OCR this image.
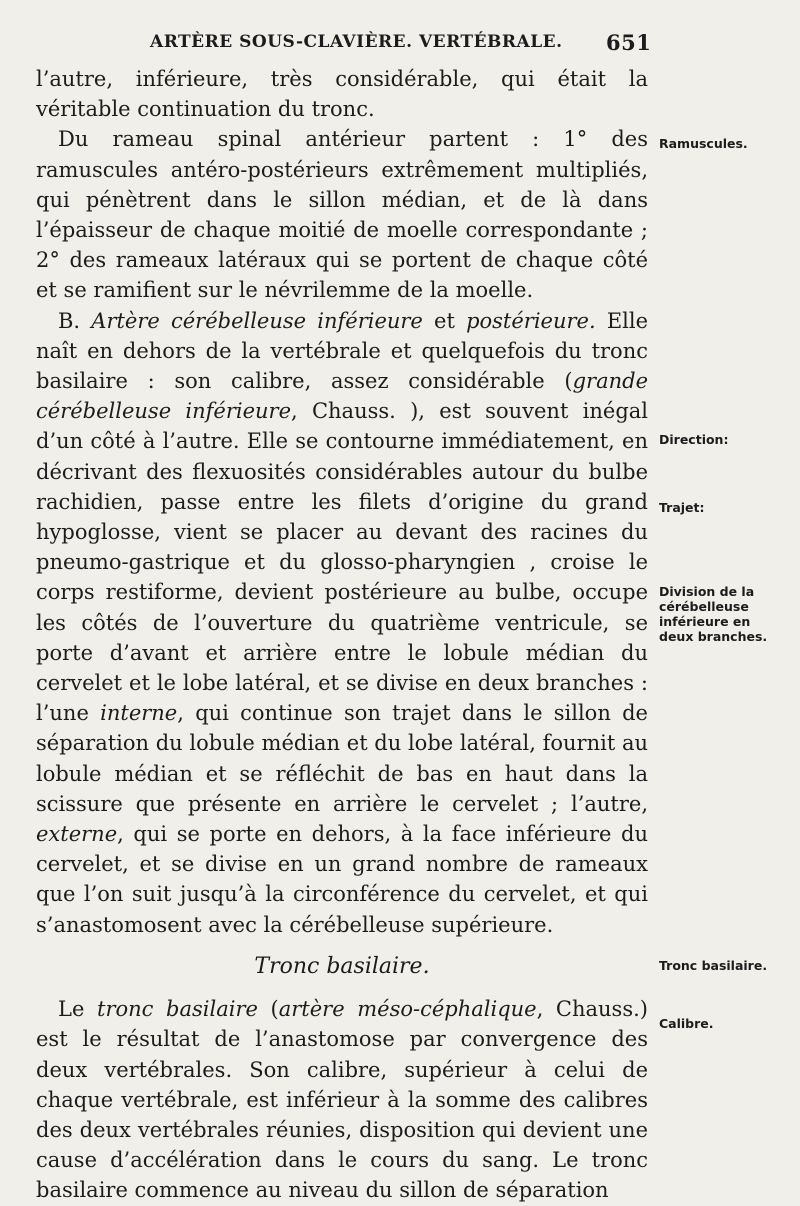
ARTÈRE SOUS-CLAVIÈRE. VERTÉBRALE. 651

l’autre, inférieure, très considérable, qui était la véritable continuation du tronc.

Du rameau spinal antérieur partent : 1° des ramuscules antéro-postérieurs extrêmement multipliés, qui pénètrent dans le sillon médian, et de là dans l’épaisseur de chaque moitié de moelle correspondante ; 2° des rameaux latéraux qui se portent de chaque côté et se ramifient sur le névrilemme de la moelle.

B. Artère cérébelleuse inférieure et postérieure. Elle naît en dehors de la vertébrale et quelquefois du tronc basilaire : son calibre, assez considérable (grande cérébelleuse inférieure, Chauss. ), est souvent inégal d’un côté à l’autre. Elle se contourne immédiatement, en décrivant des flexuosités considérables autour du bulbe rachidien, passe entre les filets d’origine du grand hypoglosse, vient se placer au devant des racines du pneumo-gastrique et du glosso-pharyngien , croise le corps restiforme, devient postérieure au bulbe, occupe les côtés de l’ouverture du quatrième ventricule, se porte d’avant et arrière entre le lobule médian du cervelet et le lobe latéral, et se divise en deux branches : l’une interne, qui continue son trajet dans le sillon de séparation du lobule médian et du lobe latéral, fournit au lobule médian et se réfléchit de bas en haut dans la scissure que présente en arrière le cervelet ; l’autre, externe, qui se porte en dehors, à la face inférieure du cervelet, et se divise en un grand nombre de rameaux que l’on suit jusqu’à la circonférence du cervelet, et qui s’anastomosent avec la cérébelleuse supérieure.

Tronc basilaire.

Le tronc basilaire (artère méso-céphalique, Chauss.) est le résultat de l’anastomose par convergence des deux vertébrales. Son calibre, supérieur à celui de chaque vertébrale, est inférieur à la somme des calibres des deux vertébrales réunies, disposition qui devient une cause d’accélération dans le cours du sang. Le tronc basilaire commence au niveau du sillon de séparation

Ramuscules.
Direction:
Trajet:
Division de la cérébelleuse inférieure en deux branches.
Tronc basilaire.
Calibre.
